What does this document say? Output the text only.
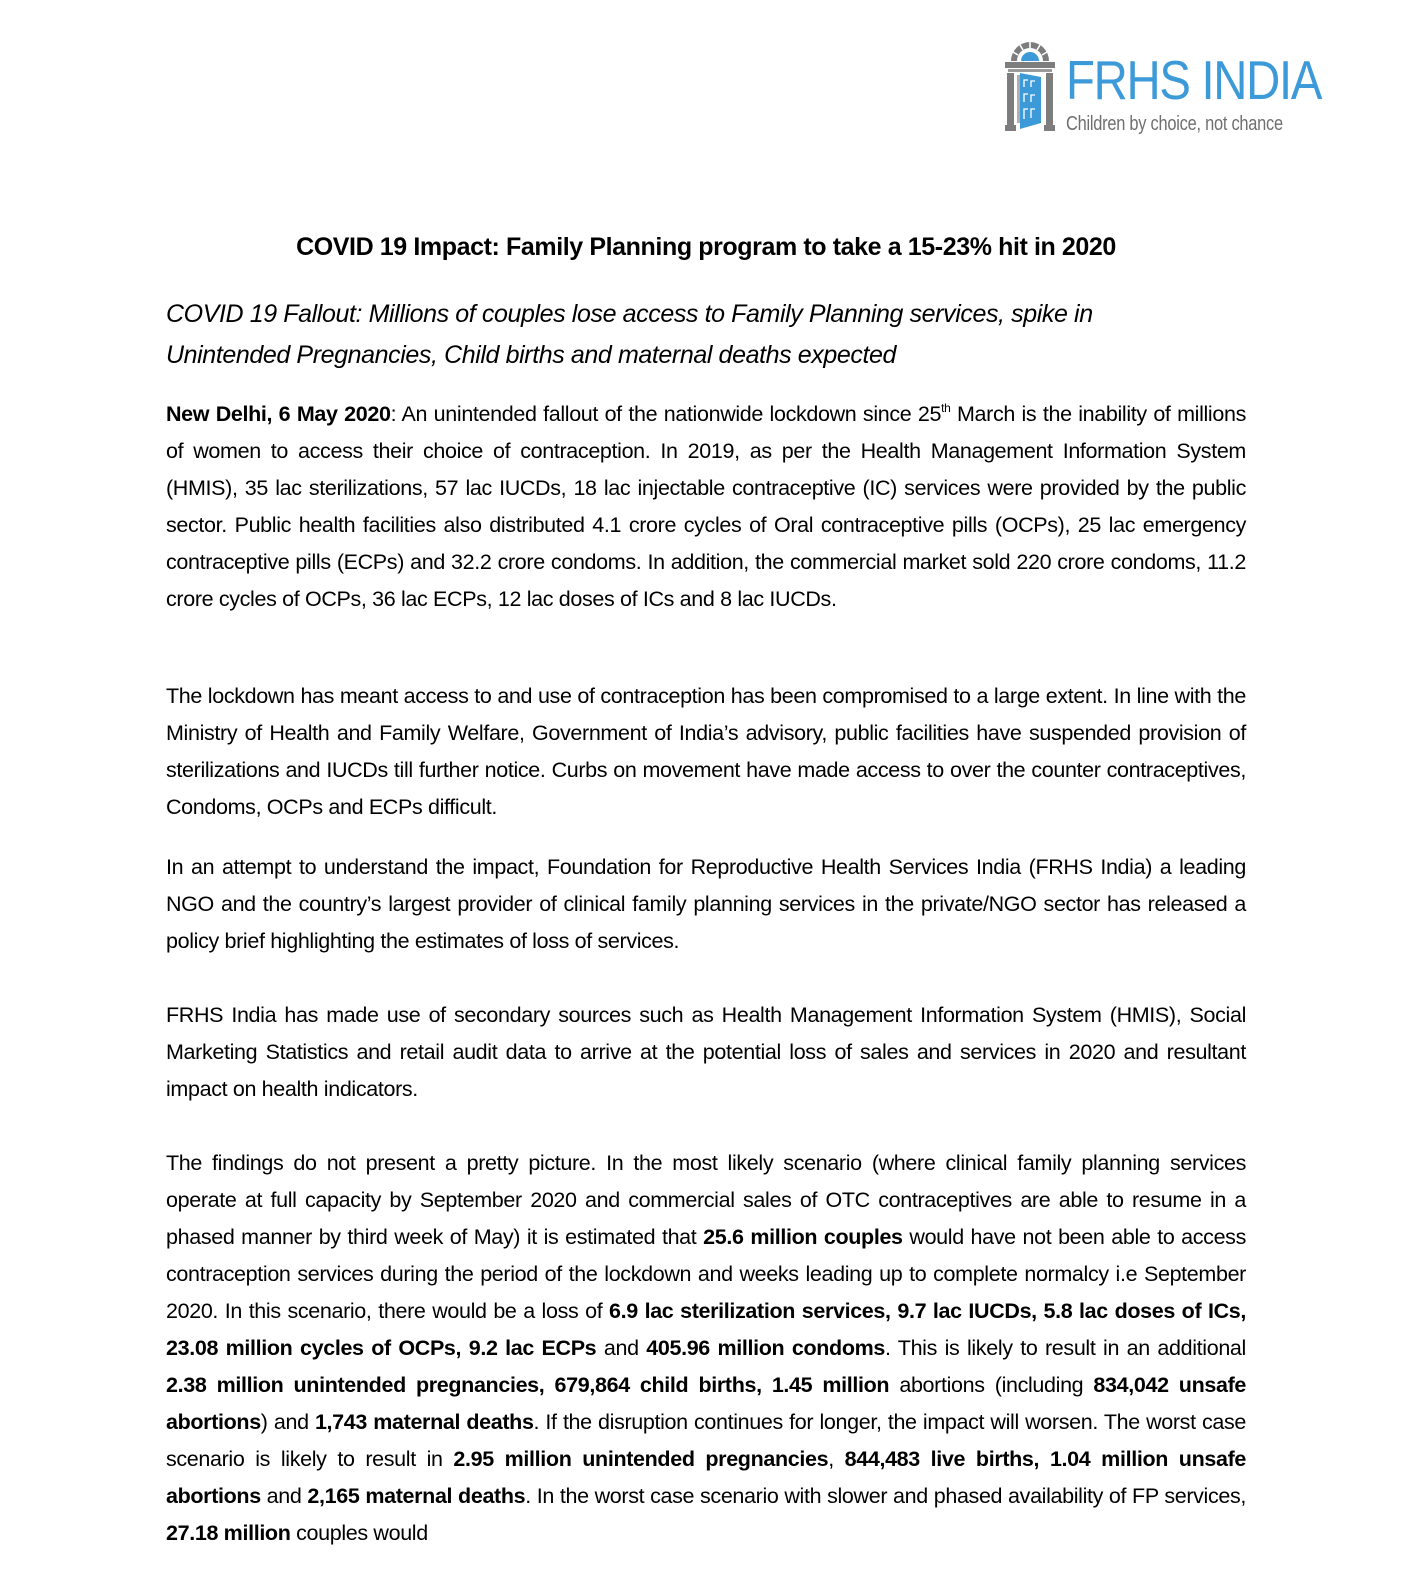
FRHS INDIA
Children by choice, not chance
COVID 19 Impact: Family Planning program to take a 15-23% hit in 2020
COVID 19 Fallout: Millions of couples lose access to Family Planning services, spike in Unintended Pregnancies, Child births and maternal deaths expected

New Delhi, 6 May 2020: An unintended fallout of the nationwide lockdown since 25th March is the inability of millions of women to access their choice of contraception. In 2019, as per the Health Management Information System (HMIS), 35 lac sterilizations, 57 lac IUCDs, 18 lac injectable contraceptive (IC) services were provided by the public sector. Public health facilities also distributed 4.1 crore cycles of Oral contraceptive pills (OCPs), 25 lac emergency contraceptive pills (ECPs) and 32.2 crore condoms. In addition, the commercial market sold 220 crore condoms, 11.2 crore cycles of OCPs, 36 lac ECPs, 12 lac doses of ICs and 8 lac IUCDs.

The lockdown has meant access to and use of contraception has been compromised to a large extent. In line with the Ministry of Health and Family Welfare, Government of India’s advisory, public facilities have suspended provision of sterilizations and IUCDs till further notice. Curbs on movement have made access to over the counter contraceptives, Condoms, OCPs and ECPs difficult.

In an attempt to understand the impact, Foundation for Reproductive Health Services India (FRHS India) a leading NGO and the country’s largest provider of clinical family planning services in the private/NGO sector has released a policy brief highlighting the estimates of loss of services.

FRHS India has made use of secondary sources such as Health Management Information System (HMIS), Social Marketing Statistics and retail audit data to arrive at the potential loss of sales and services in 2020 and resultant impact on health indicators.

The findings do not present a pretty picture. In the most likely scenario (where clinical family planning services operate at full capacity by September 2020 and commercial sales of OTC contraceptives are able to resume in a phased manner by third week of May) it is estimated that 25.6 million couples would have not been able to access contraception services during the period of the lockdown and weeks leading up to complete normalcy i.e September 2020. In this scenario, there would be a loss of 6.9 lac sterilization services, 9.7 lac IUCDs, 5.8 lac doses of ICs, 23.08 million cycles of OCPs, 9.2 lac ECPs and 405.96 million condoms. This is likely to result in an additional 2.38 million unintended pregnancies, 679,864 child births, 1.45 million abortions (including 834,042 unsafe abortions) and 1,743 maternal deaths. If the disruption continues for longer, the impact will worsen. The worst case scenario is likely to result in 2.95 million unintended pregnancies, 844,483 live births, 1.04 million unsafe abortions and 2,165 maternal deaths. In the worst case scenario with slower and phased availability of FP services, 27.18 million couples would
